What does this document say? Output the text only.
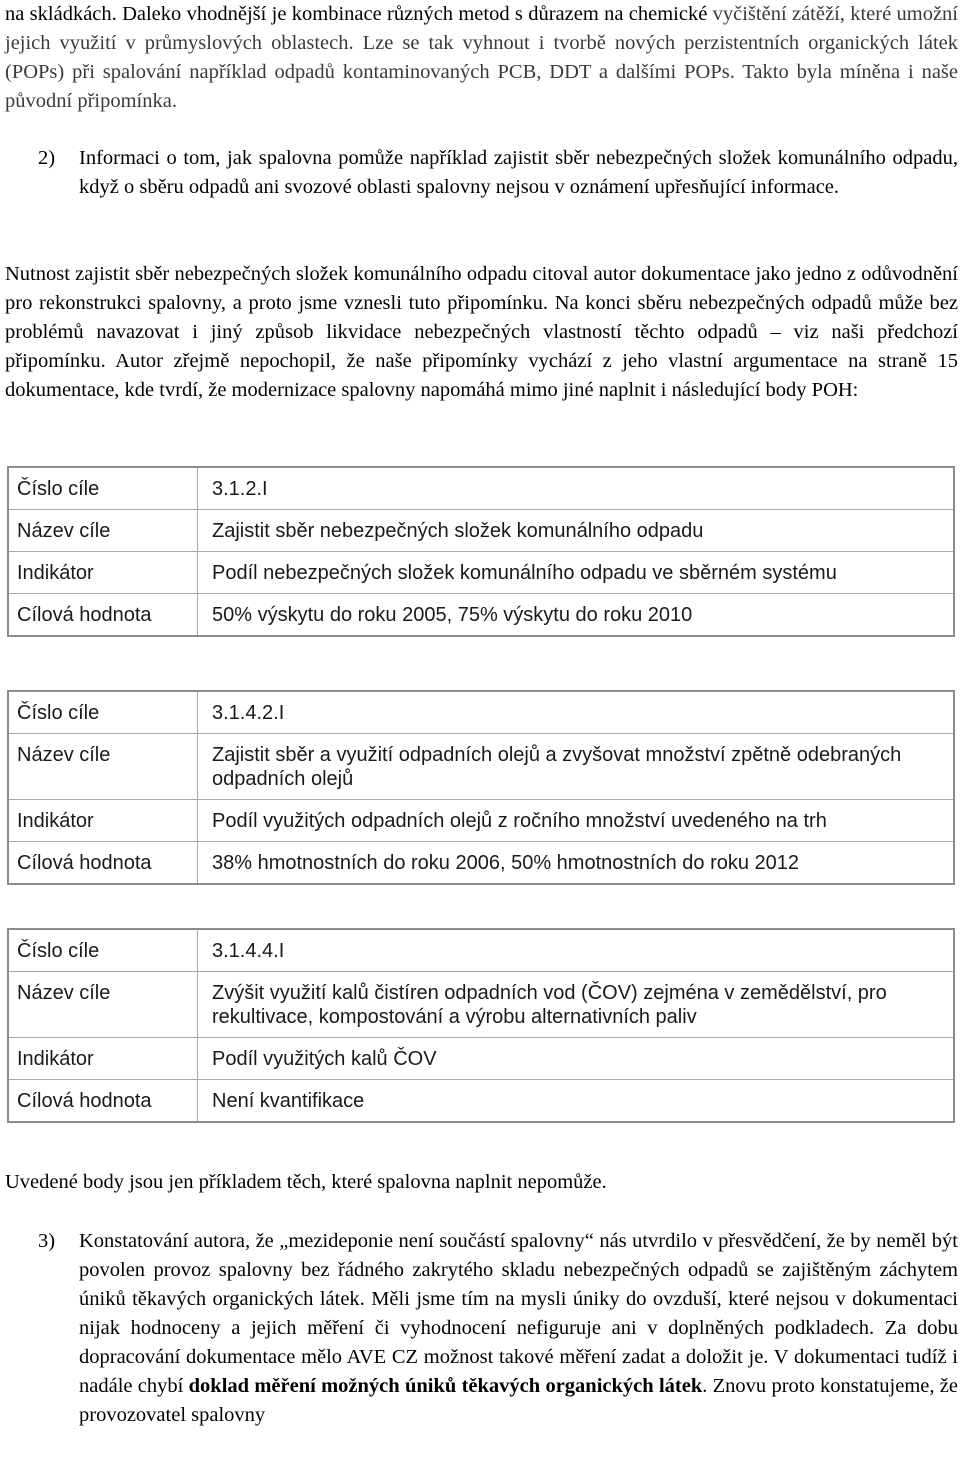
na skládkách. Daleko vhodnější je kombinace různých metod s důrazem na chemické vyčištění zátěží, které umožní jejich využití v průmyslových oblastech. Lze se tak vyhnout i tvorbě nových perzistentních organických látek (POPs) při spalování například odpadů kontaminovaných PCB, DDT a dalšími POPs. Takto byla míněna i naše původní připomínka.

2) Informaci o tom, jak spalovna pomůže například zajistit sběr nebezpečných složek komunálního odpadu, když o sběru odpadů ani svozové oblasti spalovny nejsou v oznámení upřesňující informace.

Nutnost zajistit sběr nebezpečných složek komunálního odpadu citoval autor dokumentace jako jedno z odůvodnění pro rekonstrukci spalovny, a proto jsme vznesli tuto připomínku. Na konci sběru nebezpečných odpadů může bez problémů navazovat i jiný způsob likvidace nebezpečných vlastností těchto odpadů – viz naši předchozí připomínku. Autor zřejmě nepochopil, že naše připomínky vychází z jeho vlastní argumentace na straně 15 dokumentace, kde tvrdí, že modernizace spalovny napomáhá mimo jiné naplnit i následující body POH:

Číslo cíle	3.1.2.I
Název cíle	Zajistit sběr nebezpečných složek komunálního odpadu
Indikátor	Podíl nebezpečných složek komunálního odpadu ve sběrném systému
Cílová hodnota	50% výskytu do roku 2005, 75% výskytu do roku 2010
Číslo cíle	3.1.4.2.I
Název cíle	Zajistit sběr a využití odpadních olejů a zvyšovat množství zpětně odebraných odpadních olejů
Indikátor	Podíl využitých odpadních olejů z ročního množství uvedeného na trh
Cílová hodnota	38% hmotnostních do roku 2006, 50% hmotnostních do roku 2012
Číslo cíle	3.1.4.4.I
Název cíle	Zvýšit využití kalů čistíren odpadních vod (ČOV) zejména v zemědělství, pro rekultivace, kompostování a výrobu alternativních paliv
Indikátor	Podíl využitých kalů ČOV
Cílová hodnota	Není kvantifikace

Uvedené body jsou jen příkladem těch, které spalovna naplnit nepomůže.

3) Konstatování autora, že „mezideponie není součástí spalovny“ nás utvrdilo v přesvědčení, že by neměl být povolen provoz spalovny bez řádného zakrytého skladu nebezpečných odpadů se zajištěným záchytem úniků těkavých organických látek. Měli jsme tím na mysli úniky do ovzduší, které nejsou v dokumentaci nijak hodnoceny a jejich měření či vyhodnocení nefiguruje ani v doplněných podkladech. Za dobu dopracování dokumentace mělo AVE CZ možnost takové měření zadat a doložit je. V dokumentaci tudíž i nadále chybí doklad měření možných úniků těkavých organických látek. Znovu proto konstatujeme, že provozovatel spalovny
